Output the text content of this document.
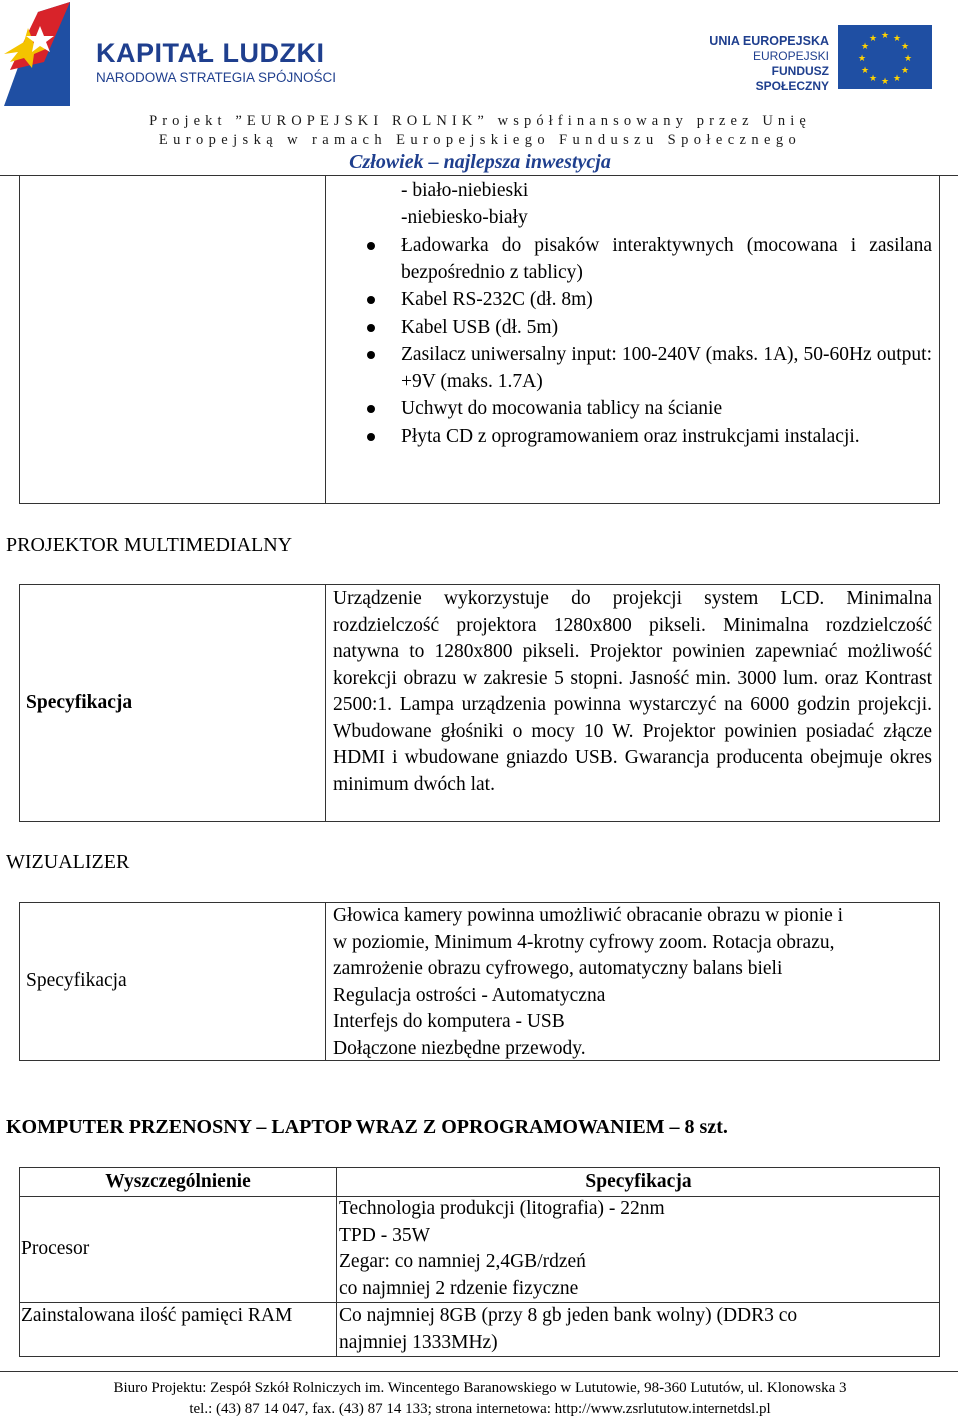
KAPITAŁ LUDZKI
NARODOWA STRATEGIA SPÓJNOŚCI
UNIA EUROPEJSKA
EUROPEJSKI
FUNDUSZ SPOŁECZNY
★ ★
★
★
★
★
★
★
★
★
★
★
Projekt ”EUROPEJSKI ROLNIK” współfinansowany przez Unię
Europejską w ramach Europejskiego Funduszu Społecznego
Człowiek – najlepsza inwestycja
- biało-niebieski
-niebiesko-biały
Ładowarka do pisaków interaktywnych (mocowana i zasilana bezpośrednio z tablicy)
Kabel RS-232C (dł. 8m)
Kabel USB (dł. 5m)
Zasilacz uniwersalny input: 100-240V (maks. 1A), 50-60Hz output: +9V (maks. 1.7A)
Uchwyt do mocowania tablicy na ścianie
Płyta CD z oprogramowaniem oraz instrukcjami instalacji.
PROJEKTOR MULTIMEDIALNY
Specyfikacja
Urządzenie wykorzystuje do projekcji system LCD. Minimalna rozdzielczość projektora 1280x800 pikseli. Minimalna rozdzielczość natywna to 1280x800 pikseli. Projektor powinien zapewniać możliwość korekcji obrazu w zakresie 5 stopni. Jasność min. 3000 lum. oraz Kontrast 2500:1. Lampa urządzenia powinna wystarczyć na 6000 godzin projekcji. Wbudowane głośniki o mocy 10 W. Projektor powinien posiadać złącze HDMI i wbudowane gniazdo USB. Gwarancja producenta obejmuje okres minimum dwóch lat.
WIZUALIZER
Specyfikacja
Głowica kamery powinna umożliwić obracanie obrazu w pionie i
w poziomie, Minimum 4-krotny cyfrowy zoom. Rotacja obrazu,
zamrożenie obrazu cyfrowego, automatyczny balans bieli
Regulacja ostrości - Automatyczna
Interfejs do komputera - USB
Dołączone niezbędne przewody.
KOMPUTER PRZENOSNY – LAPTOP WRAZ Z OPROGRAMOWANIEM – 8 szt.
Wyszczególnienie	Specyfikacja
Procesor
Technologia produkcji (litografia) - 22nm
TPD - 35W
Zegar: co namniej 2,4GB/rdzeń
co najmniej 2 rdzenie fizyczne
Zainstalowana ilość pamięci RAM	Co najmniej 8GB (przy 8 gb jeden bank wolny) (DDR3 co
najmniej 1333MHz)
Biuro Projektu: Zespół Szkół Rolniczych im. Wincentego Baranowskiego w Lututowie, 98-360 Lututów, ul. Klonowska 3
tel.: (43) 87 14 047, fax. (43) 87 14 133; strona internetowa: http://www.zsrlututow.internetdsl.pl
